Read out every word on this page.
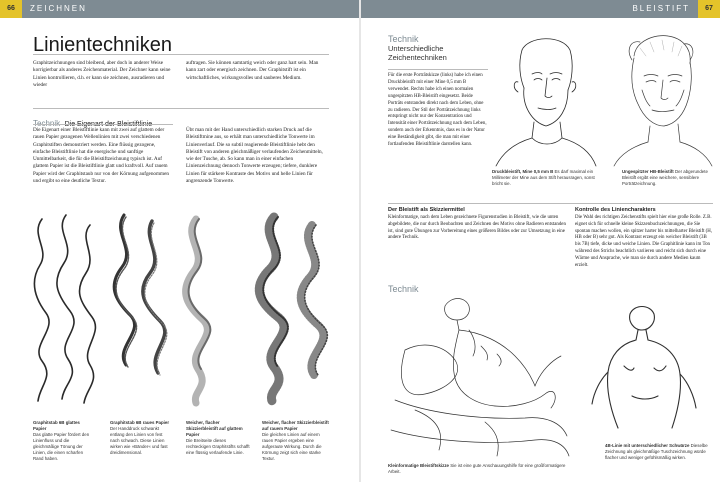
66	ZEICHNEN	BLEISTIFT	67
Linientechniken
Graphitzeichnungen sind bleibend, aber doch in anderer Weise korrigierbar als anderes Zeichenmaterial. Der Zeichner kann seine Linien kontrollieren, d.h. er kann sie zeichnen, ausradieren und wieder
auftragen. Sie können samtartig weich oder ganz hart sein. Man kann zart oder energisch zeichnen. Der Graphitstift ist ein wirtschaftliches, wirkungsvolles und sauberes Medium.
Technik Die Eigenart der Bleistiftlinie
Die Eigenart einer Bleistiftlinie kann mit zwei auf glattem oder rauen Papier gezogenen Wellenlinien mit zwei verschiedenen Graphitstiften demonstriert werden. Eine flüssig gezogene, einfache Bleistiftlinie hat die energische und sanftige Unmittelbarkeit, die für die Bleistiftzeichnung typisch ist. Auf glattem Papier ist die Bleistiftlinie glatt und kraftvoll. Auf rauem Papier wird der Graphitstaub nur von der Körnung aufgenommen und ergibt so eine deutliche Textur.
Übt man mit der Hand unterschiedlich starken Druck auf die Bleistiftmine aus, so erhält man unterschiedliche Tonwerte im Linienverlauf. Die so subtil reagierende Bleistiftlinie hebt den Bleistift von anderen gleichmäßiger verlaufenden Zeichenmitteln, wie der Tusche, ab. So kann man in einer einfachen Linienzeichnung dennoch Tonwerte erzeugen; tiefere, dunklere Linien für stärkere Kontraste des Motivs und helle Linien für angrenzende Tonwerte.
Graphitstab 6B glattes Papier
Das glatte Papier fördert den Linienfluss und die gleichmäßige Tönung der Linien, die einen scharfen Rand haben.
Graphitstab 6B raues Papier
Der Handdruck schwankt entlang den Linien von fest nach schwach. Diese Linien wirken wie »Bänder« und fast dreidimensional.
Weicher, flacher Skizzierbleistift auf glattem Papier
Die Breitseite dieses rechteckigen Graphitstifts schafft eine flüssig verlaufende Linie.
Weicher, flacher Skizzierbleistift auf rauem Papier
Die gleichen Linien auf einem rauen Papier ergeben eine aufgeraute Wirkung. Durch die Körnung zeigt sich eine starke Textur.
Technik
Unterschiedliche Zeichentechniken
Für die erste Porträtskizze (links) habe ich einen Druckbleistift mit einer Mine 0,5 mm B verwendet. Rechts habe ich einen normalen ungespitzten HB-Bleistift eingesetzt. Beide Porträts entstanden direkt nach dem Leben, ohne zu radieren. Der Stil der Porträtzeichnung links entspringt nicht nur der Konzentration und Intensität einer Porträtzeichnung nach dem Leben, sondern auch der Erkenntnis, dass es in der Natur eine Beständigkeit gibt, die man mit einer fortlaufenden Bleistiftlinie darstellen kann.
Druckbleistift, Mine 0,5 mm B Es darf maximal ein Millimeter der Mine aus dem Stift herausragen, sonst bricht sie.
Ungespitzter HB-Bleistift Der abgerundete Bleistift ergibt eine weichere, sensiblere Porträtzeichnung.
Der Bleistift als Skizziermittel
Kleinformatige, nach dem Leben gezeichnete Figurenstudien in Bleistift, wie die unten abgebildete, die nur durch Beobachten und Zeichnen des Motivs ohne Radieren entstanden ist, sind gute Übungen zur Vorbereitung eines größeren Bildes oder zur Umsetzung in eine andere Technik.
Technik
Kleinformatige Bleistiftskizze Sie ist eine gute Anschauungshilfe für eine großformatigere Arbeit.
Kontrolle des Liniencharakters
Die Wahl des richtigen Zeichenstifts spielt hier eine große Rolle. Z.B. eignet sich für schnelle kleine Skizzenbuchzeichnungen, die Sie spontan machen wollen, ein spitzer harter bis mittelharter Bleistift (H, HB oder B) sehr gut. Als Kontrast erzeugt ein weicher Bleistift (3B bis 7B) tiefe, dicke und weiche Linien. Die Graphitlinie kann im Ton während des Strichs beachtlich variieren und reicht sich durch eine Wärme und Ansprache, wie man sie durch andere Medien kaum erzielt.
4B-Linie mit unterschiedlicher Schwärze Dieselbe Zeichnung als gleichmäßige Tuschzeichnung würde flacher und weniger gefühlsmäßig wirken.
